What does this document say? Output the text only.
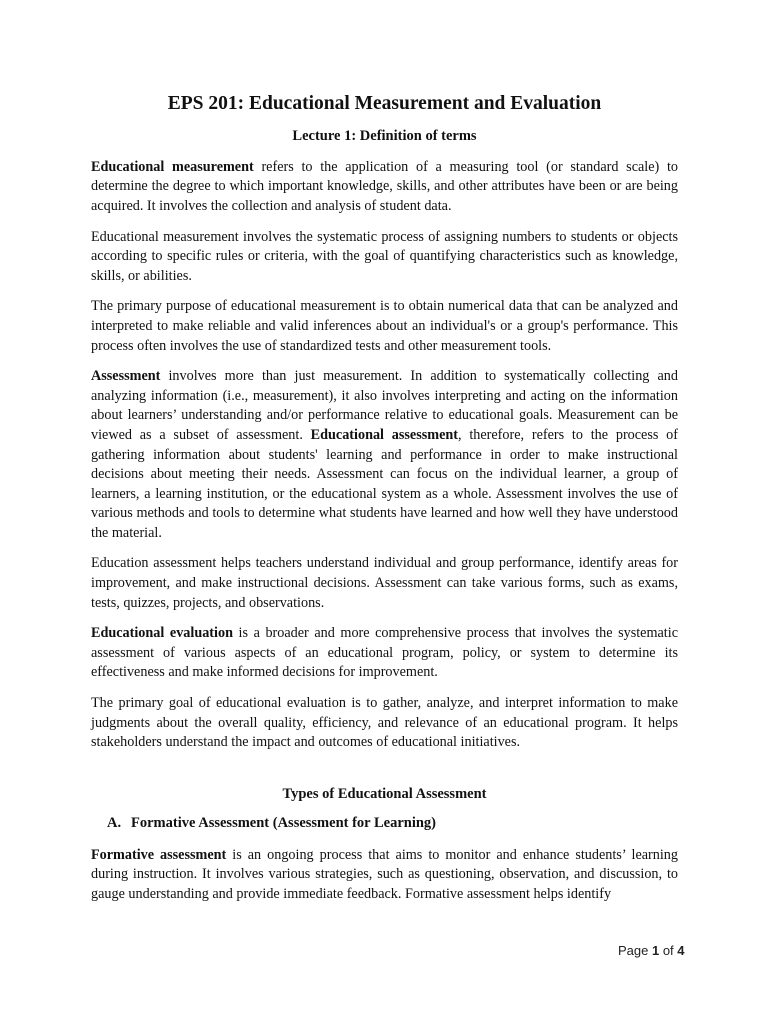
EPS 201: Educational Measurement and Evaluation
Lecture 1: Definition of terms

Educational measurement refers to the application of a measuring tool (or standard scale) to determine the degree to which important knowledge, skills, and other attributes have been or are being acquired. It involves the collection and analysis of student data.

Educational measurement involves the systematic process of assigning numbers to students or objects according to specific rules or criteria, with the goal of quantifying characteristics such as knowledge, skills, or abilities.

The primary purpose of educational measurement is to obtain numerical data that can be analyzed and interpreted to make reliable and valid inferences about an individual's or a group's performance. This process often involves the use of standardized tests and other measurement tools.

Assessment involves more than just measurement. In addition to systematically collecting and analyzing information (i.e., measurement), it also involves interpreting and acting on the information about learners’ understanding and/or performance relative to educational goals. Measurement can be viewed as a subset of assessment. Educational assessment, therefore, refers to the process of gathering information about students' learning and performance in order to make instructional decisions about meeting their needs. Assessment can focus on the individual learner, a group of learners, a learning institution, or the educational system as a whole. Assessment involves the use of various methods and tools to determine what students have learned and how well they have understood the material.

Education assessment helps teachers understand individual and group performance, identify areas for improvement, and make instructional decisions. Assessment can take various forms, such as exams, tests, quizzes, projects, and observations.

Educational evaluation is a broader and more comprehensive process that involves the systematic assessment of various aspects of an educational program, policy, or system to determine its effectiveness and make informed decisions for improvement.

The primary goal of educational evaluation is to gather, analyze, and interpret information to make judgments about the overall quality, efficiency, and relevance of an educational program. It helps stakeholders understand the impact and outcomes of educational initiatives.

Types of Educational Assessment
A. Formative Assessment (Assessment for Learning)

Formative assessment is an ongoing process that aims to monitor and enhance students’ learning during instruction. It involves various strategies, such as questioning, observation, and discussion, to gauge understanding and provide immediate feedback. Formative assessment helps identify

Page 1 of 4
